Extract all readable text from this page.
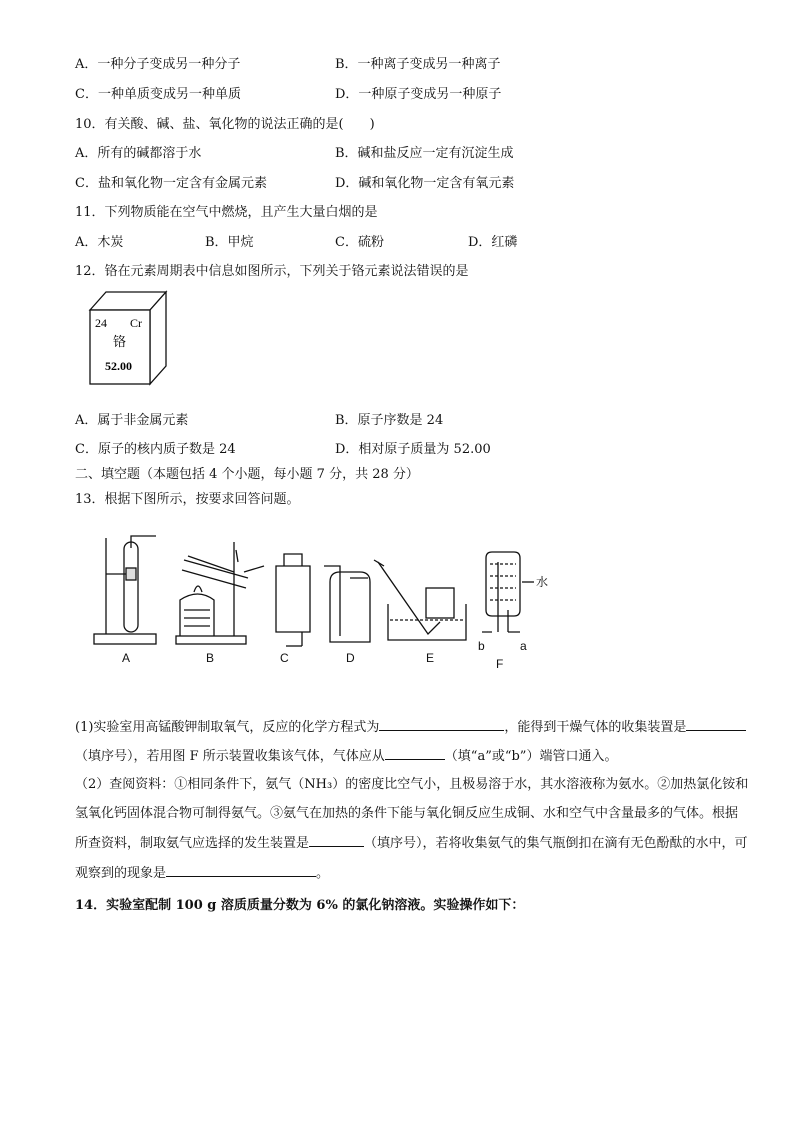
A．一种分子变成另一种分子	B．一种离子变成另一种离子
C．一种单质变成另一种单质	D．一种原子变成另一种原子
10．有关酸、碱、盐、氧化物的说法正确的是(　　)
A．所有的碱都溶于水	B．碱和盐反应一定有沉淀生成
C．盐和氧化物一定含有金属元素	D．碱和氧化物一定含有氧元素
11．下列物质能在空气中燃烧，且产生大量白烟的是
A．木炭	B．甲烷	C．硫粉	D．红磷
12．铬在元素周期表中信息如图所示，下列关于铬元素说法错误的是
24 Cr
铬
52.00
A．属于非金属元素	B．原子序数是 24
C．原子的核内质子数是 24	D．相对原子质量为 52.00
二、填空题（本题包括 4 个小题，每小题 7 分，共 28 分）
13．根据下图所示，按要求回答问题。
A	B	C	D	E	F
水
b	a
(1)实验室用高锰酸钾制取氧气，反应的化学方程式为	，能得到干燥气体的收集装置是
（填序号），若用图 F 所示装置收集该气体，气体应从	（填“a”或“b”）端管口通入。
（2）查阅资料：①相同条件下，氨气（NH₃）的密度比空气小，且极易溶于水，其水溶液称为氨水。②加热氯化铵和
氢氧化钙固体混合物可制得氨气。③氨气在加热的条件下能与氧化铜反应生成铜、水和空气中含量最多的气体。根据
所查资料，制取氨气应选择的发生装置是	（填序号），若将收集氨气的集气瓶倒扣在滴有无色酚酞的水中，可
观察到的现象是	。
14．实验室配制 100 g 溶质质量分数为 6% 的氯化钠溶液。实验操作如下：
